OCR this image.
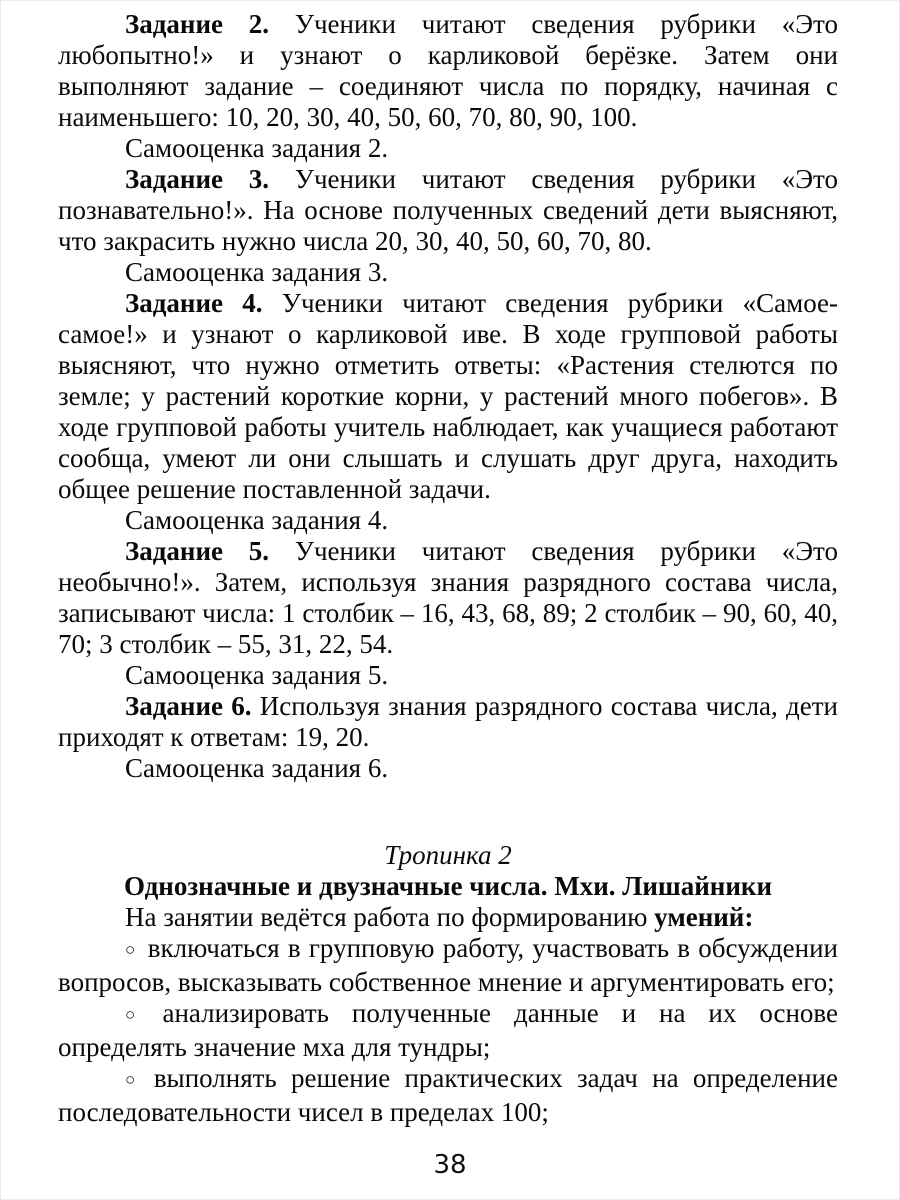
Задание 2. Ученики читают сведения рубрики «Это любопытно!» и узнают о карликовой берёзке. Затем они выполняют задание – соединяют числа по порядку, начиная с наименьшего: 10, 20, 30, 40, 50, 60, 70, 80, 90, 100.

Самооценка задания 2.

Задание 3. Ученики читают сведения рубрики «Это познавательно!». На основе полученных сведений дети выясняют, что закрасить нужно числа 20, 30, 40, 50, 60, 70, 80.

Самооценка задания 3.

Задание 4. Ученики читают сведения рубрики «Самое-самое!» и узнают о карликовой иве. В ходе групповой работы выясняют, что нужно отметить ответы: «Растения стелются по земле; у растений короткие корни, у растений много побегов». В ходе групповой работы учитель наблюдает, как учащиеся работают сообща, умеют ли они слышать и слушать друг друга, находить общее решение поставленной задачи.

Самооценка задания 4.

Задание 5. Ученики читают сведения рубрики «Это необычно!». Затем, используя знания разрядного состава числа, записывают числа: 1 столбик – 16, 43, 68, 89; 2 столбик – 90, 60, 40, 70; 3 столбик – 55, 31, 22, 54.

Самооценка задания 5.

Задание 6. Используя знания разрядного состава числа, дети приходят к ответам: 19, 20.

Самооценка задания 6.

Тропинка 2

Однозначные и двузначные числа. Мхи. Лишайники

На занятии ведётся работа по формированию умений:

○ включаться в групповую работу, участвовать в обсуждении вопросов, высказывать собственное мнение и аргументировать его;

○ анализировать полученные данные и на их основе определять значение мха для тундры;

○ выполнять решение практических задач на определение последовательности чисел в пределах 100;

38
